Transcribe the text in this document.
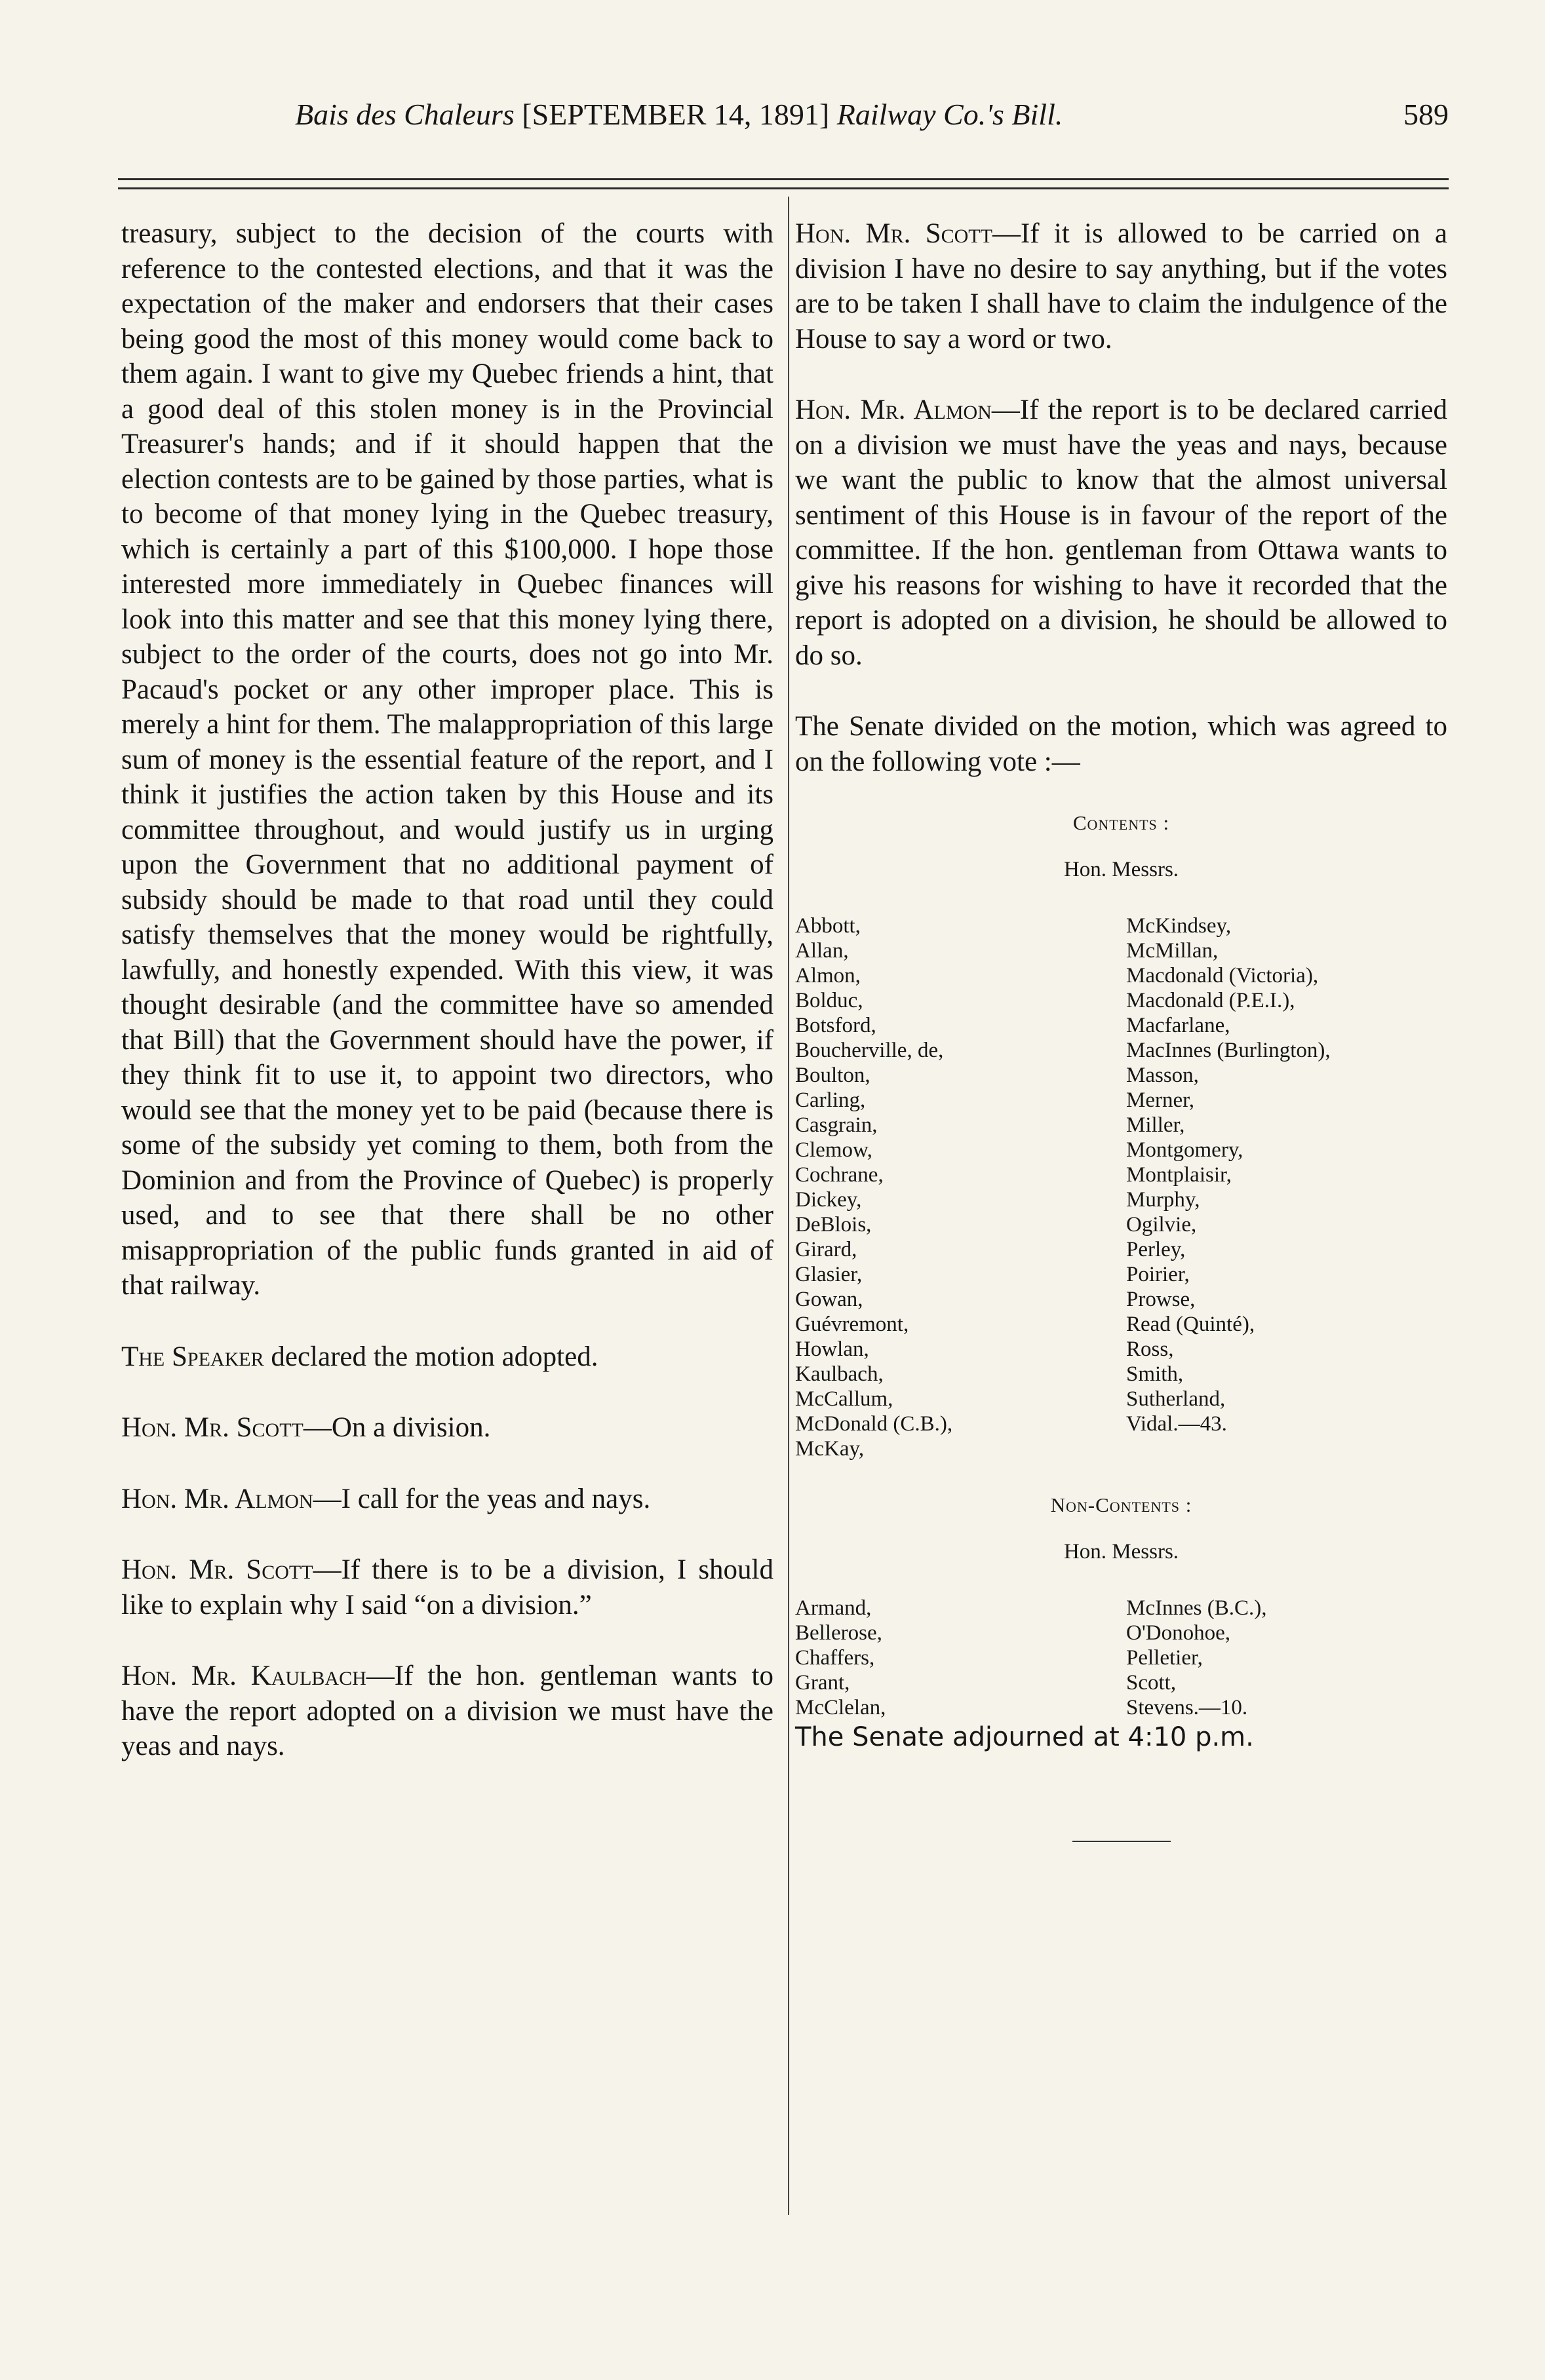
Bais des Chaleurs [SEPTEMBER 14, 1891] Railway Co.'s Bill.	589

treasury, subject to the decision of the courts with reference to the contested elections, and that it was the expectation of the maker and endorsers that their cases being good the most of this money would come back to them again. I want to give my Quebec friends a hint, that a good deal of this stolen money is in the Provincial Treasurer's hands; and if it should happen that the election contests are to be gained by those parties, what is to become of that money lying in the Quebec treasury, which is certainly a part of this $100,000. I hope those interested more immediately in Quebec finances will look into this matter and see that this money lying there, subject to the order of the courts, does not go into Mr. Pacaud's pocket or any other improper place. This is merely a hint for them. The malappropriation of this large sum of money is the essential feature of the report, and I think it justifies the action taken by this House and its committee throughout, and would justify us in urging upon the Government that no additional payment of subsidy should be made to that road until they could satisfy themselves that the money would be rightfully, lawfully, and honestly expended. With this view, it was thought desirable (and the committee have so amended that Bill) that the Government should have the power, if they think fit to use it, to appoint two directors, who would see that the money yet to be paid (because there is some of the subsidy yet coming to them, both from the Dominion and from the Province of Quebec) is properly used, and to see that there shall be no other misappropriation of the public funds granted in aid of that railway.

The Speaker declared the motion adopted.

Hon. Mr. Scott—On a division.

Hon. Mr. Almon—I call for the yeas and nays.

Hon. Mr. Scott—If there is to be a division, I should like to explain why I said “on a division.”

Hon. Mr. Kaulbach—If the hon. gentleman wants to have the report adopted on a division we must have the yeas and nays.

Hon. Mr. Scott—If it is allowed to be carried on a division I have no desire to say anything, but if the votes are to be taken I shall have to claim the indulgence of the House to say a word or two.

Hon. Mr. Almon—If the report is to be declared carried on a division we must have the yeas and nays, because we want the public to know that the almost universal sentiment of this House is in favour of the report of the committee. If the hon. gentleman from Ottawa wants to give his reasons for wishing to have it recorded that the report is adopted on a division, he should be allowed to do so.

The Senate divided on the motion, which was agreed to on the following vote :—

Contents :
Hon. Messrs.
Abbott,
Allan,
Almon,
Bolduc,
Botsford,
Boucherville, de,
Boulton,
Carling,
Casgrain,
Clemow,
Cochrane,
Dickey,
DeBlois,
Girard,
Glasier,
Gowan,
Guévremont,
Howlan,
Kaulbach,
McCallum,
McDonald (C.B.),
McKay,
McKindsey,
McMillan,
Macdonald (Victoria),
Macdonald (P.E.I.),
Macfarlane,
MacInnes (Burlington),
Masson,
Merner,
Miller,
Montgomery,
Montplaisir,
Murphy,
Ogilvie,
Perley,
Poirier,
Prowse,
Read (Quinté),
Ross,
Smith,
Sutherland,
Vidal.—43.
Non-Contents :
Hon. Messrs.
Armand,
Bellerose,
Chaffers,
Grant,
McClelan,
McInnes (B.C.),
O'Donohoe,
Pelletier,
Scott,
Stevens.—10.

The Senate adjourned at 4:10 p.m.
